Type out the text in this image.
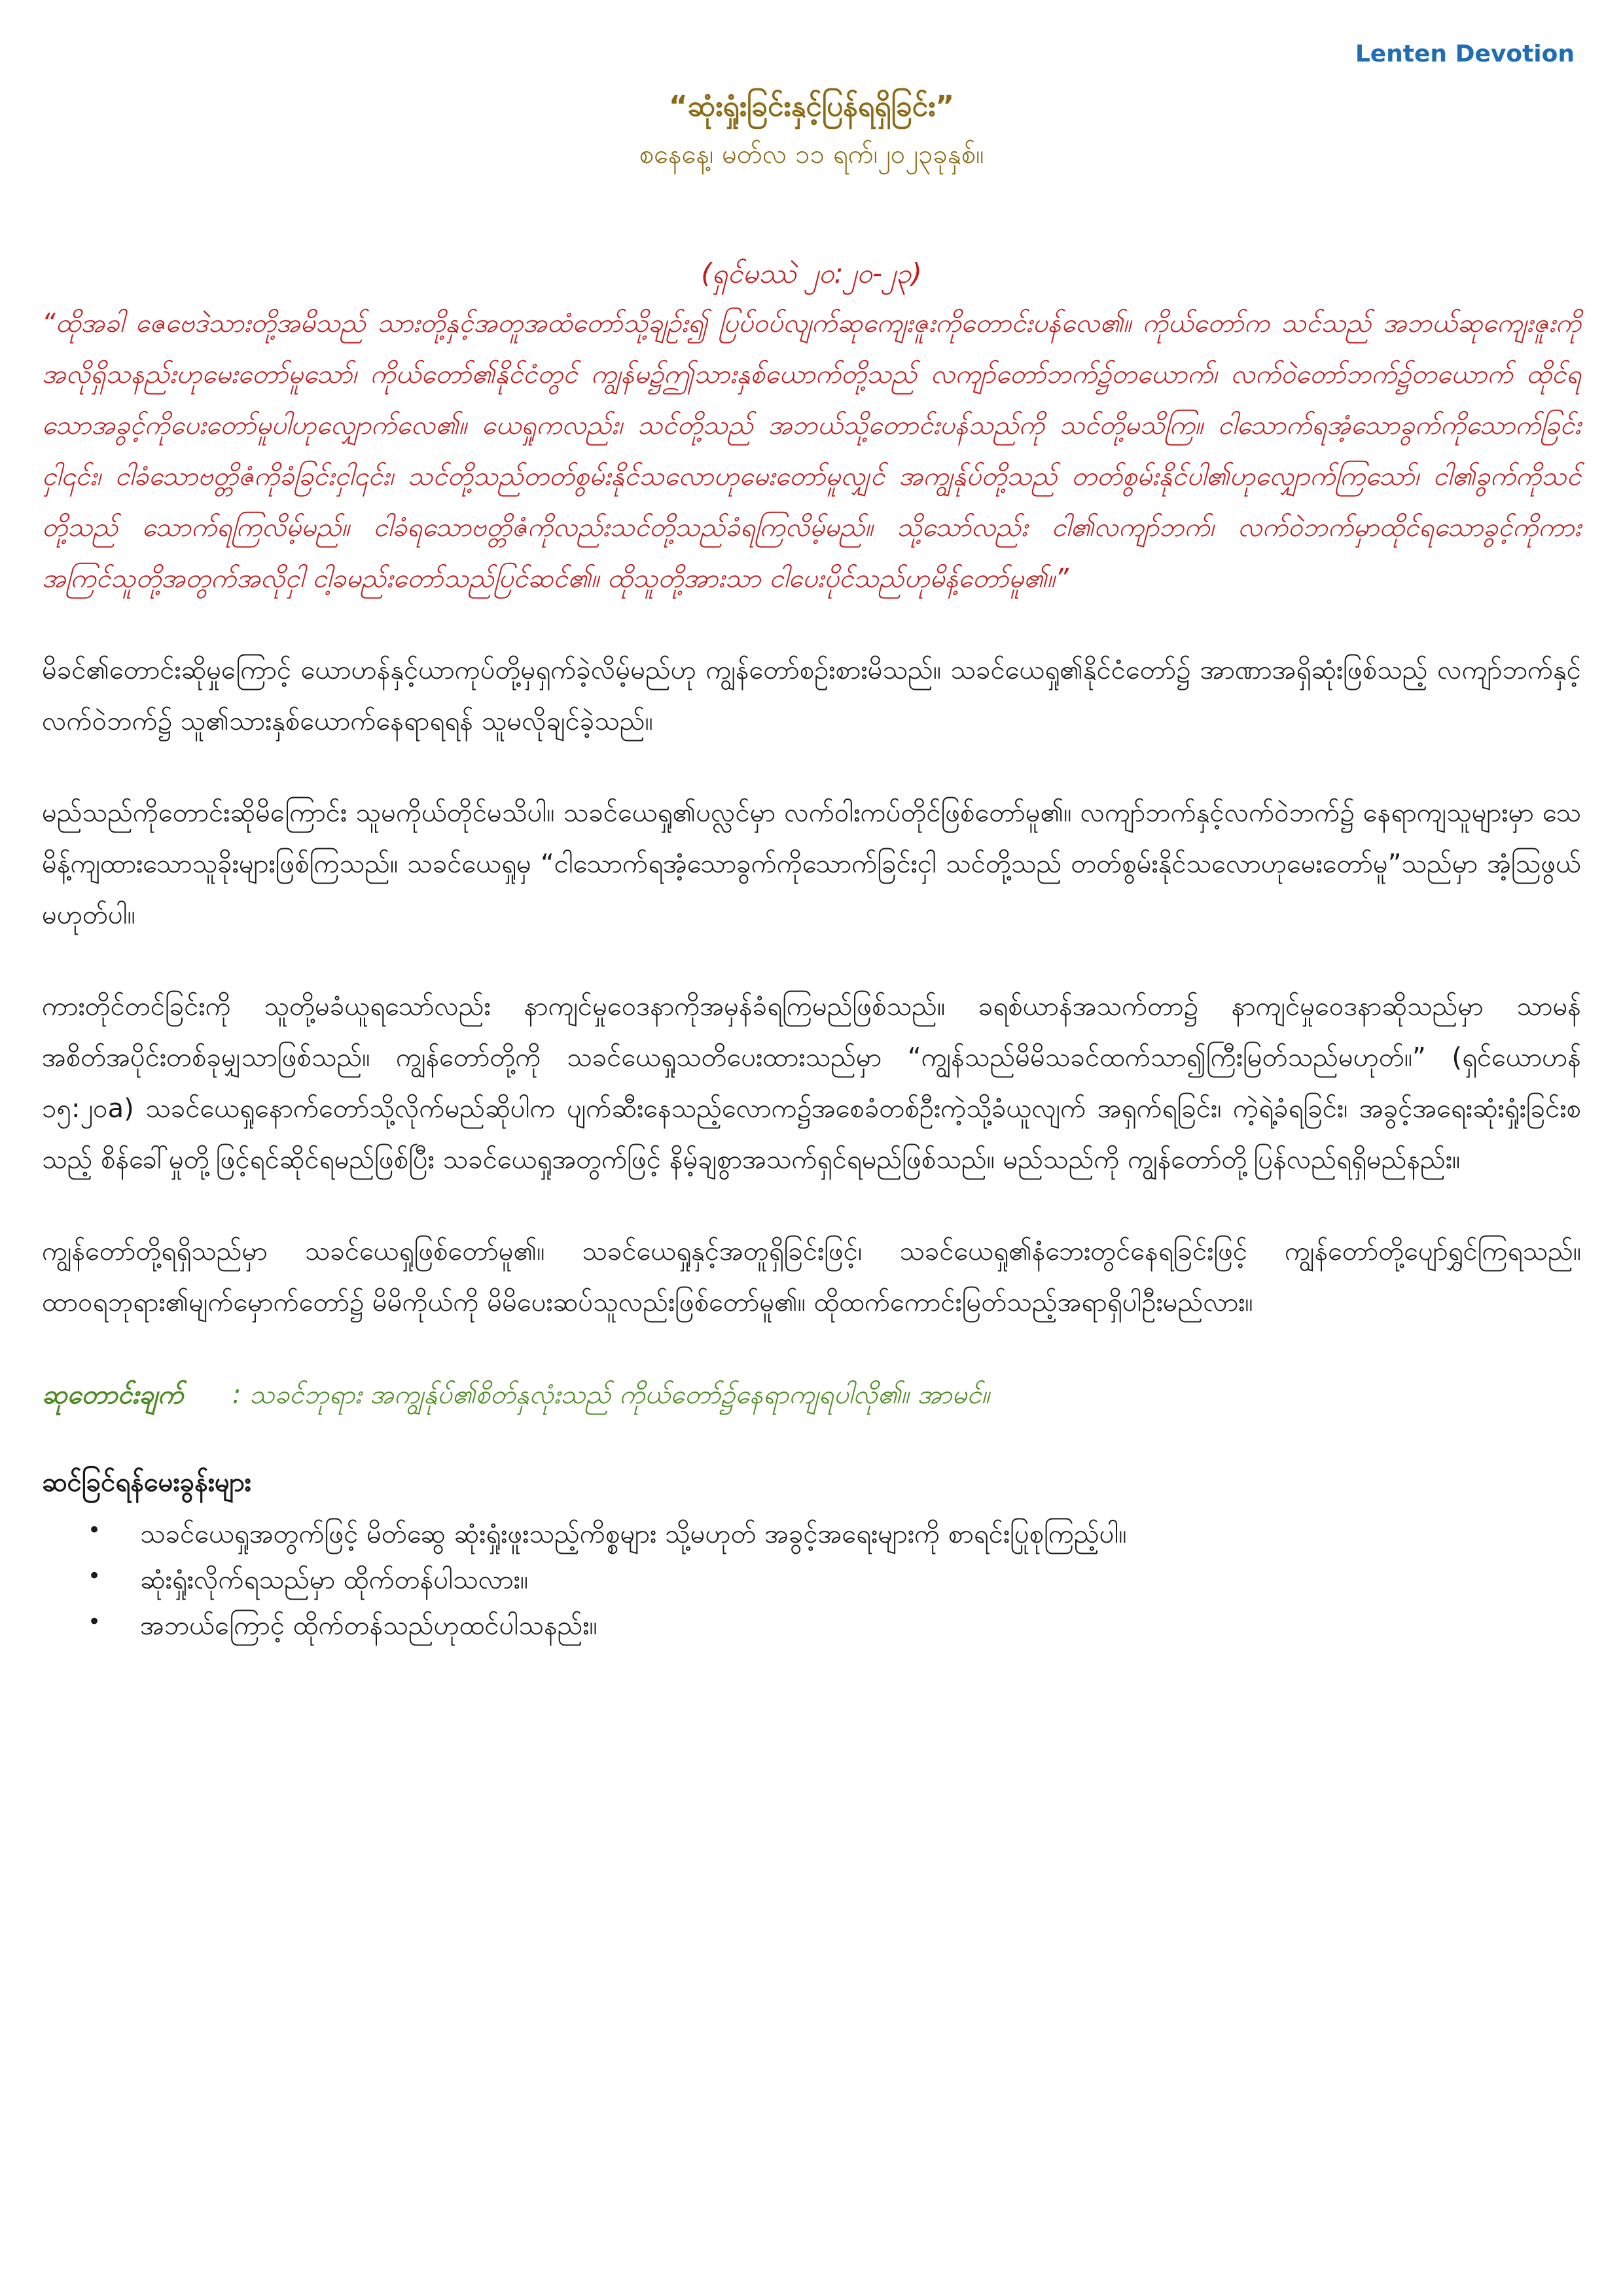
Lenten Devotion
“ဆုံးရှုံးခြင်းနှင့်ပြန်ရရှိခြင်း”

စနေနေ့၊ မတ်လ ၁၁ ရက်၊၂၀၂၃ခုနှစ်။

(ရှင်မဿဲ ၂၀:၂၀-၂၃)

“ထိုအခါ ဇေဗေဒဲသားတို့အမိသည် သားတို့နှင့်အတူအထံတော်သို့ချဉ်း၍ ပြပ်ဝပ်လျက်ဆုကျေးဇူးကိုတောင်းပန်လေ၏။ ကိုယ်တော်က သင်သည် အဘယ်ဆုကျေးဇူးကိုအလိုရှိသနည်းဟုမေးတော်မူသော်၊ ကိုယ်တော်၏နိုင်ငံတွင် ကျွန်မ၌ဤသားနှစ်ယောက်တို့သည် လကျာ်တော်ဘက်၌တယောက်၊ လက်ဝဲတော်ဘက်၌တယောက် ထိုင်ရသောအခွင့်ကိုပေးတော်မူပါဟုလျှောက်လေ၏။ ယေရှုကလည်း၊ သင်တို့သည် အဘယ်သို့တောင်းပန်သည်ကို သင်တို့မသိကြ။ ငါသောက်ရအံ့သောခွက်ကိုသောက်ခြင်းငှါ၎င်း၊ ငါခံသောဗတ္တိဇံကိုခံခြင်းငှါ၎င်း၊ သင်တို့သည်တတ်စွမ်းနိုင်သလောဟုမေးတော်မူလျှင် အကျွန်ုပ်တို့သည် တတ်စွမ်းနိုင်ပါ၏ဟုလျှောက်ကြသော်၊ ငါ၏ခွက်ကိုသင်တို့သည် သောက်ရကြလိမ့်မည်။ ငါခံရသောဗတ္တိဇံကိုလည်းသင်တို့သည်ခံရကြလိမ့်မည်။ သို့သော်လည်း ငါ၏လကျာ်ဘက်၊ လက်ဝဲဘက်မှာထိုင်ရသောခွင့်ကိုကားအကြင်သူတို့အတွက်အလိုငှါ ငါ့ခမည်းတော်သည်ပြင်ဆင်၏။ ထိုသူတို့အားသာ ငါပေးပိုင်သည်ဟုမိန့်တော်မူ၏။”

မိခင်၏တောင်းဆိုမှုကြောင့် ယောဟန်နှင့်ယာကုပ်တို့မှရှက်ခဲ့လိမ့်မည်ဟု ကျွန်တော်စဉ်းစားမိသည်။ သခင်ယေရှု၏နိုင်ငံတော်၌ အာဏာအရှိဆုံးဖြစ်သည့် လကျာ်ဘက်နှင့်လက်ဝဲဘက်၌ သူ၏သားနှစ်ယောက်နေရာရရန် သူမလိုချင်ခဲ့သည်။

မည်သည်ကိုတောင်းဆိုမိကြောင်း သူမကိုယ်တိုင်မသိပါ။ သခင်ယေရှု၏ပလ္လင်မှာ လက်ဝါးကပ်တိုင်ဖြစ်တော်မူ၏။ လကျာ်ဘက်နှင့်လက်ဝဲဘက်၌ နေရာကျသူများမှာ သေမိန့်ကျထားသောသူခိုးများဖြစ်ကြသည်။ သခင်ယေရှုမှ “ငါသောက်ရအံ့သောခွက်ကိုသောက်ခြင်းငှါ သင်တို့သည် တတ်စွမ်းနိုင်သလောဟုမေးတော်မူ”သည်မှာ အံ့သြဖွယ်မဟုတ်ပါ။

ကားတိုင်တင်ခြင်းကို သူတို့မခံယူရသော်လည်း နာကျင်မှုဝေဒနာကိုအမှန်ခံရကြမည်ဖြစ်သည်။ ခရစ်ယာန်အသက်တာ၌ နာကျင်မှုဝေဒနာဆိုသည်မှာ သာမန်အစိတ်အပိုင်းတစ်ခုမျှသာဖြစ်သည်။ ကျွန်တော်တို့ကို သခင်ယေရှုသတိပေးထားသည်မှာ “ကျွန်သည်မိမိသခင်ထက်သာ၍ကြီးမြတ်သည်မဟုတ်။” (ရှင်ယောဟန် ၁၅:၂၀a) သခင်ယေရှုနောက်တော်သို့လိုက်မည်ဆိုပါက ပျက်ဆီးနေသည့်လောက၌အစေခံတစ်ဦးကဲ့သို့ခံယူလျက် အရှက်ရခြင်း၊ ကဲ့ရဲ့ခံရခြင်း၊ အခွင့်အရေးဆုံးရှုံးခြင်းစသည့် စိန်ခေါ်မှုတို့ဖြင့်ရင်ဆိုင်ရမည်ဖြစ်ပြီး သခင်ယေရှုအတွက်ဖြင့် နိမ့်ချစွာအသက်ရှင်ရမည်ဖြစ်သည်။ မည်သည်ကို ကျွန်တော်တို့ပြန်လည်ရရှိမည်နည်း။

ကျွန်တော်တို့ရရှိသည်မှာ သခင်ယေရှုဖြစ်တော်မူ၏။ သခင်ယေရှုနှင့်အတူရှိခြင်းဖြင့်၊ သခင်ယေရှု၏နံဘေးတွင်နေရခြင်းဖြင့် ကျွန်တော်တို့ပျော်ရွှင်ကြရသည်။ ထာဝရဘုရား၏မျက်မှောက်တော်၌ မိမိကိုယ်ကို မိမိပေးဆပ်သူလည်းဖြစ်တော်မူ၏။ ထိုထက်ကောင်းမြတ်သည့်အရာရှိပါဦးမည်လား။

ဆုတောင်းချက် : သခင်ဘုရား အကျွန်ုပ်၏စိတ်နှလုံးသည် ကိုယ်တော်၌နေရာကျရပါလို၏။ အာမင်။
ဆင်ခြင်ရန်မေးခွန်းများ
• သခင်ယေရှုအတွက်ဖြင့် မိတ်ဆွေ ဆုံးရှုံးဖူးသည့်ကိစ္စများ သို့မဟုတ် အခွင့်အရေးများကို စာရင်းပြုစုကြည့်ပါ။
• ဆုံးရှုံးလိုက်ရသည်မှာ ထိုက်တန်ပါသလား။
• အဘယ်ကြောင့် ထိုက်တန်သည်ဟုထင်ပါသနည်း။
